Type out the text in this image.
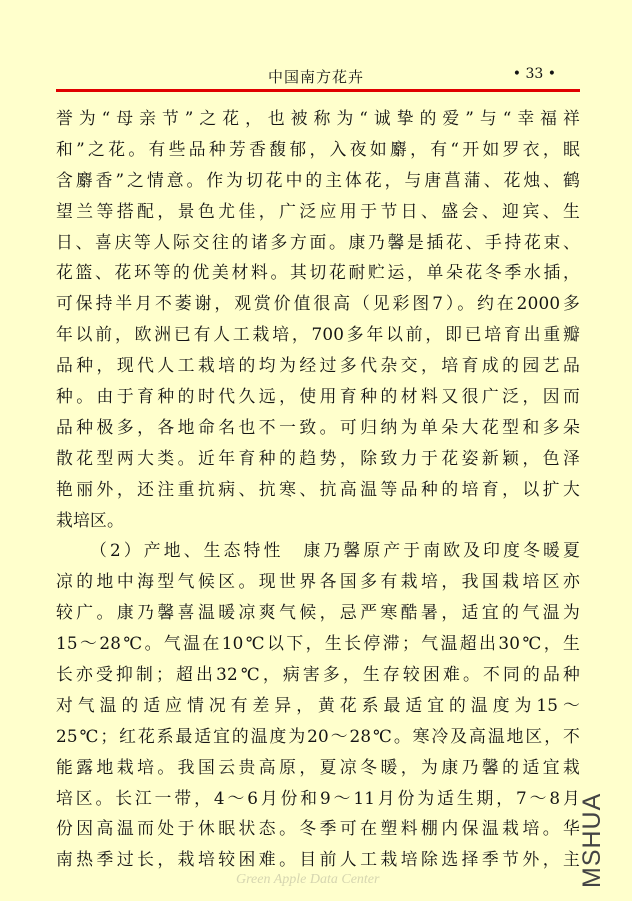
中国南方花卉	• 33 •
誉为“母亲节”之花，也被称为“诚挚的爱”与“幸福祥
和”之花。有些品种芳香馥郁，入夜如麝，有“开如罗衣，眠
含麝香”之情意。作为切花中的主体花，与唐菖蒲、花烛、鹤
望兰等搭配，景色尤佳，广泛应用于节日、盛会、迎宾、生
日、喜庆等人际交往的诸多方面。康乃馨是插花、手持花束、
花篮、花环等的优美材料。其切花耐贮运，单朵花冬季水插，
可保持半月不萎谢，观赏价值很高（见彩图7）。约在2000多
年以前，欧洲已有人工栽培，700多年以前，即已培育出重瓣
品种，现代人工栽培的均为经过多代杂交，培育成的园艺品
种。由于育种的时代久远，使用育种的材料又很广泛，因而
品种极多，各地命名也不一致。可归纳为单朵大花型和多朵
散花型两大类。近年育种的趋势，除致力于花姿新颖，色泽
艳丽外，还注重抗病、抗寒、抗高温等品种的培育，以扩大
栽培区。
（2）产地、生态特性　康乃馨原产于南欧及印度冬暖夏
凉的地中海型气候区。现世界各国多有栽培，我国栽培区亦
较广。康乃馨喜温暖凉爽气候，忌严寒酷暑，适宜的气温为
15～28℃。气温在10℃以下，生长停滞；气温超出30℃，生
长亦受抑制；超出32℃，病害多，生存较困难。不同的品种
对气温的适应情况有差异，黄花系最适宜的温度为15～
25℃；红花系最适宜的温度为20～28℃。寒冷及高温地区，不
能露地栽培。我国云贵高原，夏凉冬暖，为康乃馨的适宜栽
培区。长江一带，4～6月份和9～11月份为适生期，7～8月
份因高温而处于休眠状态。冬季可在塑料棚内保温栽培。华
南热季过长，栽培较困难。目前人工栽培除选择季节外，主
Green Apple Data Center	MSHUA
